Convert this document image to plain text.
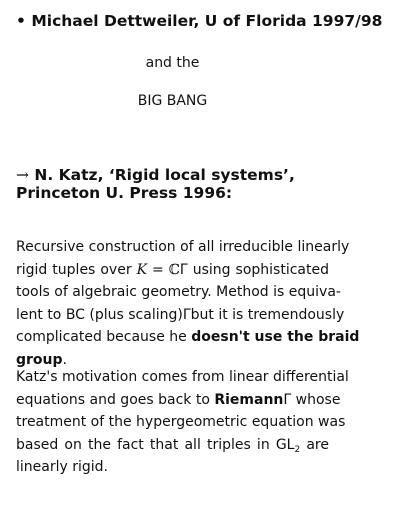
• Michael Dettweiler, U of Florida 1997/98
and the
BIG BANG
→ N. Katz, ‘Rigid local systems’,
Princeton U. Press 1996:
Recursive construction of all irreducible linearly
rigid tuples over K = ℂΓ using sophisticated
tools of algebraic geometry. Method is equiva-
lent to BC (plus scaling)Γbut it is tremendously
complicated because he doesn't use the braid
group.
Katz's motivation comes from linear differential
equations and goes back to RiemannΓ whose
treatment of the hypergeometric equation was
based on the fact that all triples in $GL_2$ are
linearly rigid.
